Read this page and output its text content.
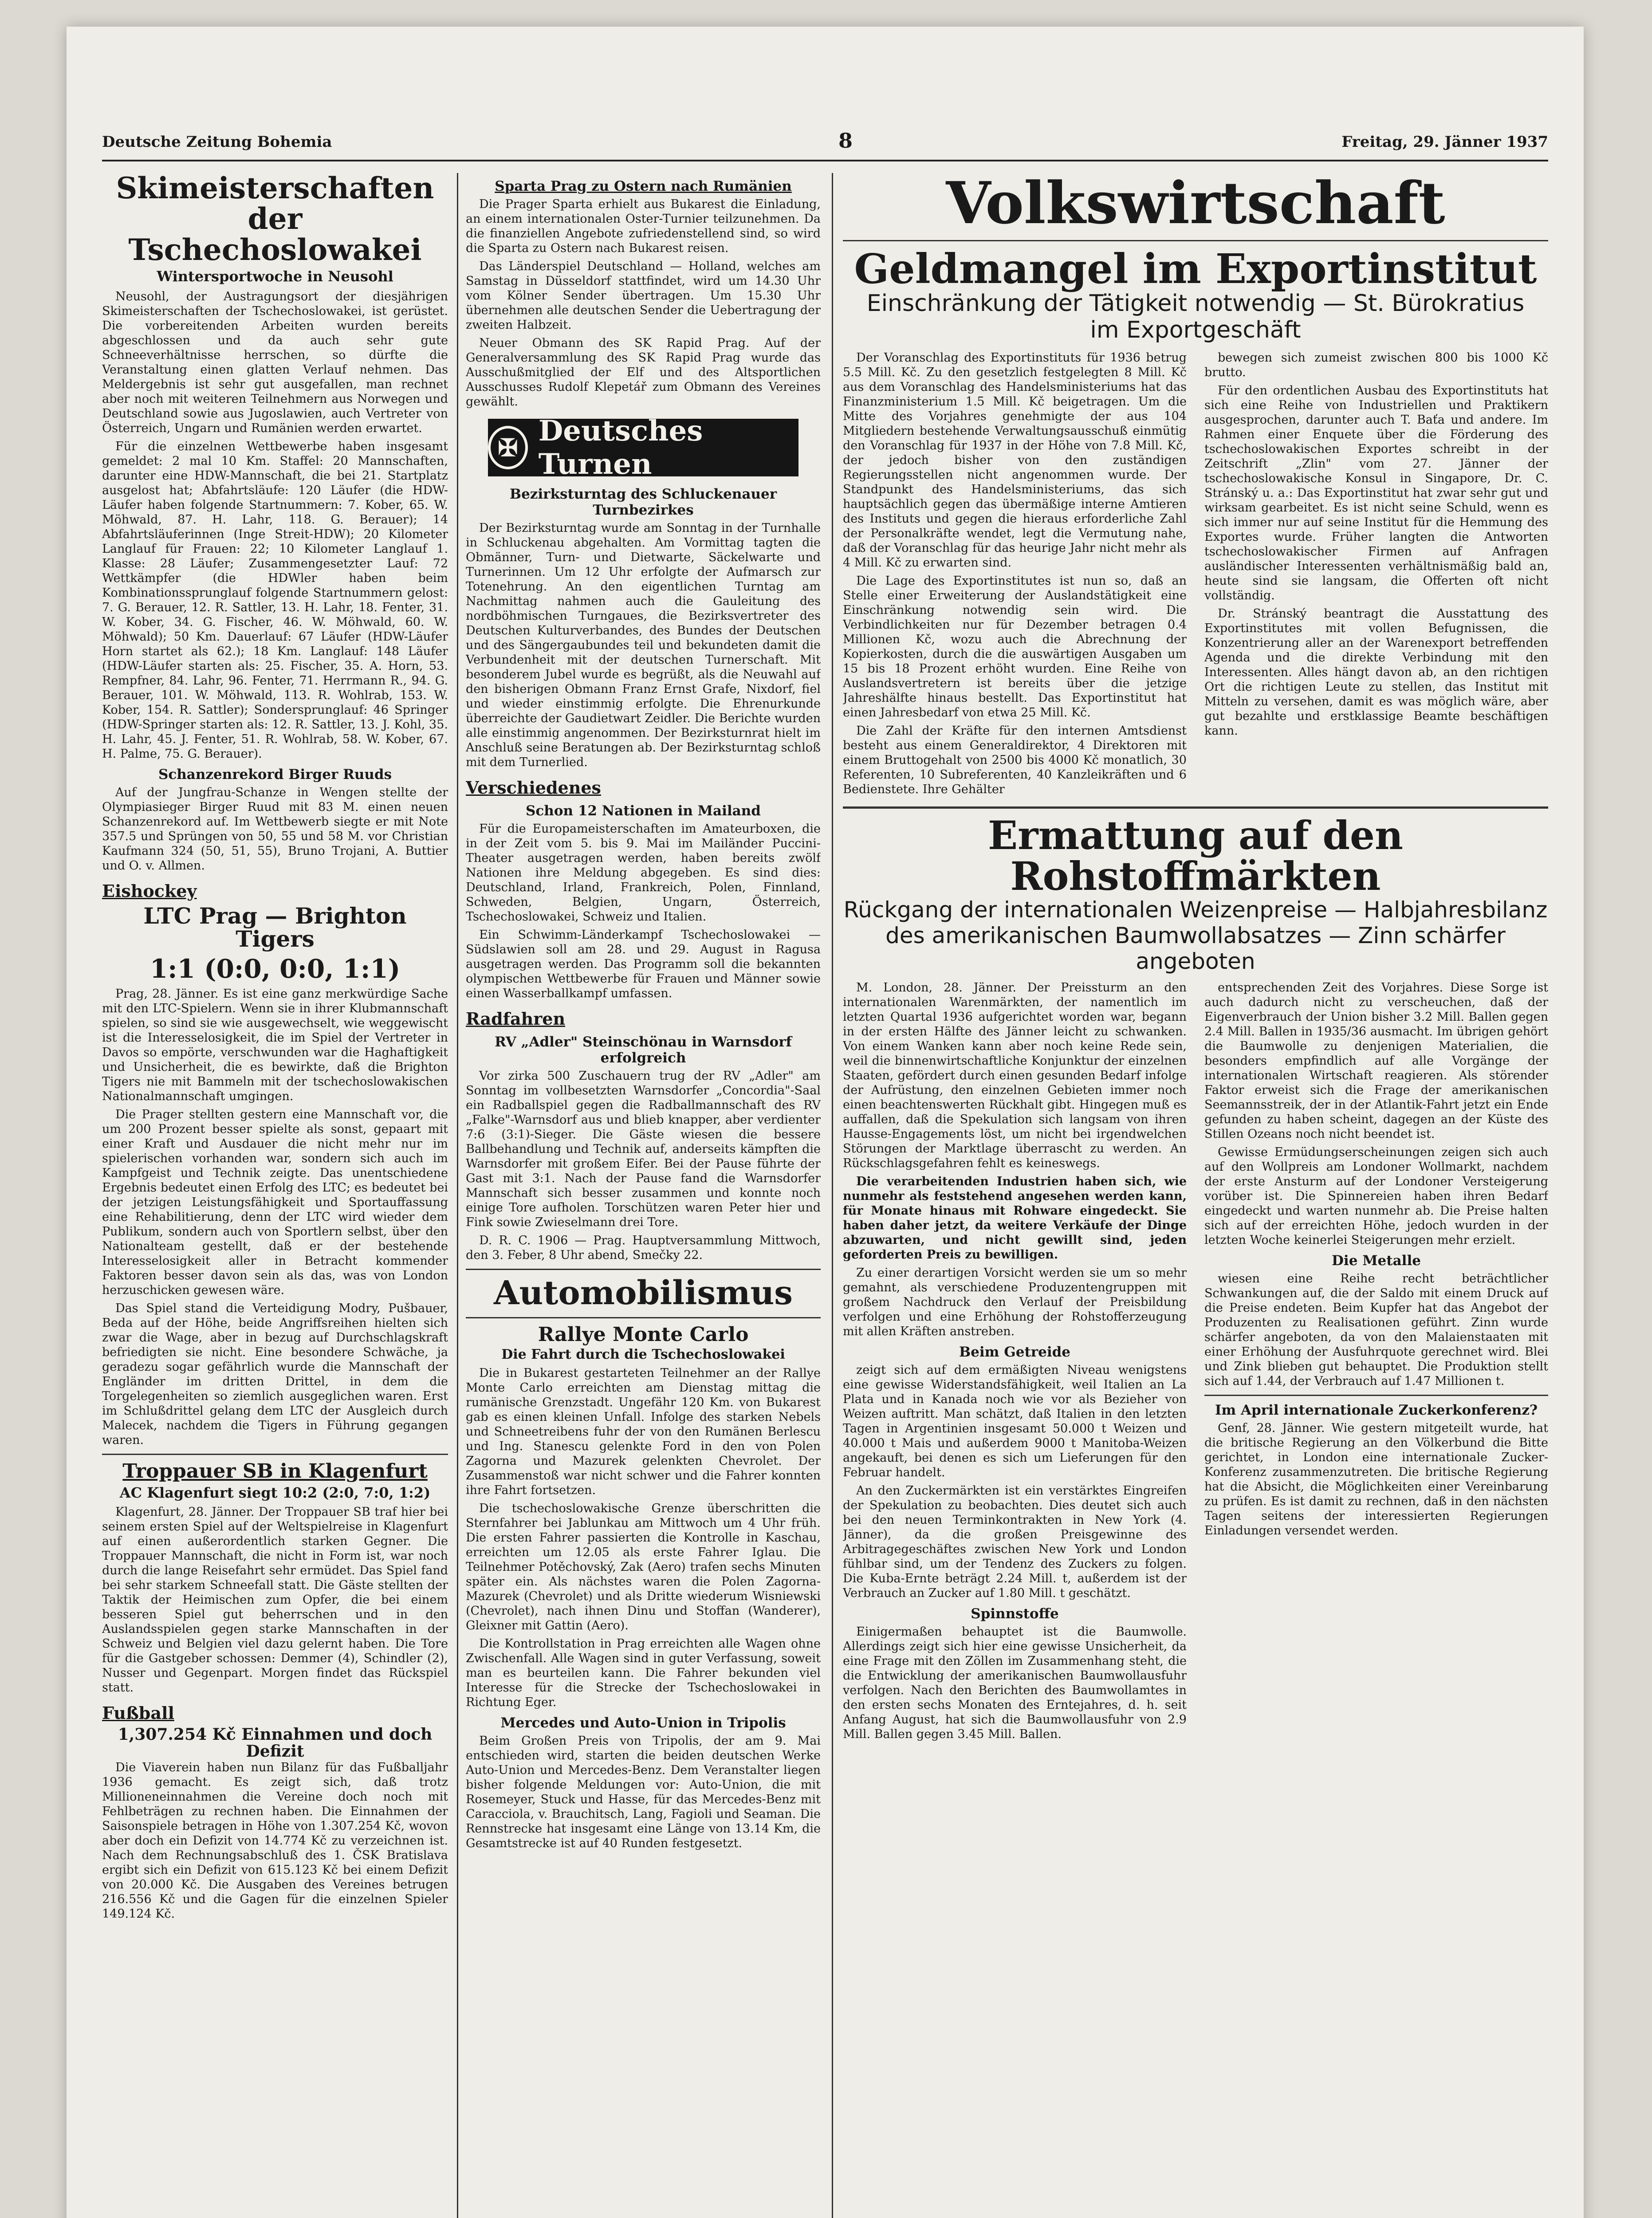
Deutsche Zeitung Bohemia	8	Freitag, 29. Jänner 1937
Skimeisterschaften
der Tschechoslowakei
Wintersportwoche in Neusohl

Neusohl, der Austragungsort der diesjährigen Skimeisterschaften der Tschechoslowakei, ist gerüstet. Die vorbereitenden Arbeiten wurden bereits abgeschlossen und da auch sehr gute Schneeverhältnisse herrschen, so dürfte die Veranstaltung einen glatten Verlauf nehmen. Das Meldergebnis ist sehr gut ausgefallen, man rechnet aber noch mit weiteren Teilnehmern aus Norwegen und Deutschland sowie aus Jugoslawien, auch Vertreter von Österreich, Ungarn und Rumänien werden erwartet.

Für die einzelnen Wettbewerbe haben insgesamt gemeldet: 2 mal 10 Km. Staffel: 20 Mannschaften, darunter eine HDW-Mannschaft, die bei 21. Startplatz ausgelost hat; Abfahrtsläufe: 120 Läufer (die HDW-Läufer haben folgende Startnummern: 7. Kober, 65. W. Möhwald, 87. H. Lahr, 118. G. Berauer); 14 Abfahrtsläuferinnen (Inge Streit-HDW); 20 Kilometer Langlauf für Frauen: 22; 10 Kilometer Langlauf 1. Klasse: 28 Läufer; Zusammengesetzter Lauf: 72 Wettkämpfer (die HDWler haben beim Kombinationssprunglauf folgende Startnummern gelost: 7. G. Berauer, 12. R. Sattler, 13. H. Lahr, 18. Fenter, 31. W. Kober, 34. G. Fischer, 46. W. Möhwald, 60. W. Möhwald); 50 Km. Dauerlauf: 67 Läufer (HDW-Läufer Horn startet als 62.); 18 Km. Langlauf: 148 Läufer (HDW-Läufer starten als: 25. Fischer, 35. A. Horn, 53. Rempfner, 84. Lahr, 96. Fenter, 71. Herrmann R., 94. G. Berauer, 101. W. Möhwald, 113. R. Wohlrab, 153. W. Kober, 154. R. Sattler); Sondersprunglauf: 46 Springer (HDW-Springer starten als: 12. R. Sattler, 13. J. Kohl, 35. H. Lahr, 45. J. Fenter, 51. R. Wohlrab, 58. W. Kober, 67. H. Palme, 75. G. Berauer).

Schanzenrekord Birger Ruuds

Auf der Jungfrau-Schanze in Wengen stellte der Olympiasieger Birger Ruud mit 83 M. einen neuen Schanzenrekord auf. Im Wettbewerb siegte er mit Note 357.5 und Sprüngen von 50, 55 und 58 M. vor Christian Kaufmann 324 (50, 51, 55), Bruno Trojani, A. Buttier und O. v. Allmen.

Eishockey
LTC Prag — Brighton Tigers
1:1 (0:0, 0:0, 1:1)

Prag, 28. Jänner. Es ist eine ganz merkwürdige Sache mit den LTC-Spielern. Wenn sie in ihrer Klubmannschaft spielen, so sind sie wie ausgewechselt, wie weggewischt ist die Interesselosigkeit, die im Spiel der Vertreter in Davos so empörte, verschwunden war die Haghaftigkeit und Unsicherheit, die es bewirkte, daß die Brighton Tigers nie mit Bammeln mit der tschechoslowakischen Nationalmannschaft umgingen.

Die Prager stellten gestern eine Mannschaft vor, die um 200 Prozent besser spielte als sonst, gepaart mit einer Kraft und Ausdauer die nicht mehr nur im spielerischen vorhanden war, sondern sich auch im Kampfgeist und Technik zeigte. Das unentschiedene Ergebnis bedeutet einen Erfolg des LTC; es bedeutet bei der jetzigen Leistungsfähigkeit und Sportauffassung eine Rehabilitierung, denn der LTC wird wieder dem Publikum, sondern auch von Sportlern selbst, über den Nationalteam gestellt, daß er der bestehende Interesselosigkeit aller in Betracht kommender Faktoren besser davon sein als das, was von London herzuschicken gewesen wäre.

Das Spiel stand die Verteidigung Modry, Pušbauer, Beda auf der Höhe, beide Angriffsreihen hielten sich zwar die Wage, aber in bezug auf Durchschlagskraft befriedigten sie nicht. Eine besondere Schwäche, ja geradezu sogar gefährlich wurde die Mannschaft der Engländer im dritten Drittel, in dem die Torgelegenheiten so ziemlich ausgeglichen waren. Erst im Schlußdrittel gelang dem LTC der Ausgleich durch Malecek, nachdem die Tigers in Führung gegangen waren.

Troppauer SB in Klagenfurt
AC Klagenfurt siegt 10:2 (2:0, 7:0, 1:2)

Klagenfurt, 28. Jänner. Der Troppauer SB traf hier bei seinem ersten Spiel auf der Weltspielreise in Klagenfurt auf einen außerordentlich starken Gegner. Die Troppauer Mannschaft, die nicht in Form ist, war noch durch die lange Reisefahrt sehr ermüdet. Das Spiel fand bei sehr starkem Schneefall statt. Die Gäste stellten der Taktik der Heimischen zum Opfer, die bei einem besseren Spiel gut beherrschen und in den Auslandsspielen gegen starke Mannschaften in der Schweiz und Belgien viel dazu gelernt haben. Die Tore für die Gastgeber schossen: Demmer (4), Schindler (2), Nusser und Gegenpart. Morgen findet das Rückspiel statt.

Fußball
1,307.254 Kč Einnahmen und doch Defizit

Die Viaverein haben nun Bilanz für das Fußballjahr 1936 gemacht. Es zeigt sich, daß trotz Millioneneinnahmen die Vereine doch noch mit Fehlbeträgen zu rechnen haben. Die Einnahmen der Saisonspiele betragen in Höhe von 1.307.254 Kč, wovon aber doch ein Defizit von 14.774 Kč zu verzeichnen ist. Nach dem Rechnungsabschluß des 1. ČSK Bratislava ergibt sich ein Defizit von 615.123 Kč bei einem Defizit von 20.000 Kč. Die Ausgaben des Vereines betrugen 216.556 Kč und die Gagen für die einzelnen Spieler 149.124 Kč.

Sparta Prag zu Ostern nach Rumänien

Die Prager Sparta erhielt aus Bukarest die Einladung, an einem internationalen Oster-Turnier teilzunehmen. Da die finanziellen Angebote zufriedenstellend sind, so wird die Sparta zu Ostern nach Bukarest reisen.

Das Länderspiel Deutschland — Holland, welches am Samstag in Düsseldorf stattfindet, wird um 14.30 Uhr vom Kölner Sender übertragen. Um 15.30 Uhr übernehmen alle deutschen Sender die Uebertragung der zweiten Halbzeit.

Neuer Obmann des SK Rapid Prag. Auf der Generalversammlung des SK Rapid Prag wurde das Ausschußmitglied der Elf und des Altsportlichen Ausschusses Rudolf Klepetář zum Obmann des Vereines gewählt.

✠ Deutsches Turnen
Bezirksturntag des Schluckenauer Turnbezirkes

Der Bezirksturntag wurde am Sonntag in der Turnhalle in Schluckenau abgehalten. Am Vormittag tagten die Obmänner, Turn- und Dietwarte, Säckelwarte und Turnerinnen. Um 12 Uhr erfolgte der Aufmarsch zur Totenehrung. An den eigentlichen Turntag am Nachmittag nahmen auch die Gauleitung des nordböhmischen Turngaues, die Bezirksvertreter des Deutschen Kulturverbandes, des Bundes der Deutschen und des Sängergaubundes teil und bekundeten damit die Verbundenheit mit der deutschen Turnerschaft. Mit besonderem Jubel wurde es begrüßt, als die Neuwahl auf den bisherigen Obmann Franz Ernst Grafe, Nixdorf, fiel und wieder einstimmig erfolgte. Die Ehrenurkunde überreichte der Gaudietwart Zeidler. Die Berichte wurden alle einstimmig angenommen. Der Bezirksturnrat hielt im Anschluß seine Beratungen ab. Der Bezirksturntag schloß mit dem Turnerlied.

Verschiedenes
Schon 12 Nationen in Mailand

Für die Europameisterschaften im Amateurboxen, die in der Zeit vom 5. bis 9. Mai im Mailänder Puccini-Theater ausgetragen werden, haben bereits zwölf Nationen ihre Meldung abgegeben. Es sind dies: Deutschland, Irland, Frankreich, Polen, Finnland, Schweden, Belgien, Ungarn, Österreich, Tschechoslowakei, Schweiz und Italien.

Ein Schwimm-Länderkampf Tschechoslowakei — Südslawien soll am 28. und 29. August in Ragusa ausgetragen werden. Das Programm soll die bekannten olympischen Wettbewerbe für Frauen und Männer sowie einen Wasserballkampf umfassen.

Radfahren
RV „Adler" Steinschönau in Warnsdorf erfolgreich

Vor zirka 500 Zuschauern trug der RV „Adler" am Sonntag im vollbesetzten Warnsdorfer „Concordia"-Saal ein Radballspiel gegen die Radballmannschaft des RV „Falke"-Warnsdorf aus und blieb knapper, aber verdienter 7:6 (3:1)-Sieger. Die Gäste wiesen die bessere Ballbehandlung und Technik auf, anderseits kämpften die Warnsdorfer mit großem Eifer. Bei der Pause führte der Gast mit 3:1. Nach der Pause fand die Warnsdorfer Mannschaft sich besser zusammen und konnte noch einige Tore aufholen. Torschützen waren Peter hier und Fink sowie Zwieselmann drei Tore.

D. R. C. 1906 — Prag. Hauptversammlung Mittwoch, den 3. Feber, 8 Uhr abend, Smečky 22.

Automobilismus
Rallye Monte Carlo
Die Fahrt durch die Tschechoslowakei

Die in Bukarest gestarteten Teilnehmer an der Rallye Monte Carlo erreichten am Dienstag mittag die rumänische Grenzstadt. Ungefähr 120 Km. von Bukarest gab es einen kleinen Unfall. Infolge des starken Nebels und Schneetreibens fuhr der von den Rumänen Berlescu und Ing. Stanescu gelenkte Ford in den von Polen Zagorna und Mazurek gelenkten Chevrolet. Der Zusammenstoß war nicht schwer und die Fahrer konnten ihre Fahrt fortsetzen.

Die tschechoslowakische Grenze überschritten die Sternfahrer bei Jablunkau am Mittwoch um 4 Uhr früh. Die ersten Fahrer passierten die Kontrolle in Kaschau, erreichten um 12.05 als erste Fahrer Iglau. Die Teilnehmer Potěchovský, Zak (Aero) trafen sechs Minuten später ein. Als nächstes waren die Polen Zagorna-Mazurek (Chevrolet) und als Dritte wiederum Wisniewski (Chevrolet), nach ihnen Dinu und Stoffan (Wanderer), Gleixner mit Gattin (Aero).

Die Kontrollstation in Prag erreichten alle Wagen ohne Zwischenfall. Alle Wagen sind in guter Verfassung, soweit man es beurteilen kann. Die Fahrer bekunden viel Interesse für die Strecke der Tschechoslowakei in Richtung Eger.

Mercedes und Auto-Union in Tripolis

Beim Großen Preis von Tripolis, der am 9. Mai entschieden wird, starten die beiden deutschen Werke Auto-Union und Mercedes-Benz. Dem Veranstalter liegen bisher folgende Meldungen vor: Auto-Union, die mit Rosemeyer, Stuck und Hasse, für das Mercedes-Benz mit Caracciola, v. Brauchitsch, Lang, Fagioli und Seaman. Die Rennstrecke hat insgesamt eine Länge von 13.14 Km, die Gesamtstrecke ist auf 40 Runden festgesetzt.

Volkswirtschaft
Geldmangel im Exportinstitut
Einschränkung der Tätigkeit notwendig — St. Bürokratius
im Exportgeschäft

Der Voranschlag des Exportinstituts für 1936 betrug 5.5 Mill. Kč. Zu den gesetzlich festgelegten 8 Mill. Kč aus dem Voranschlag des Handelsministeriums hat das Finanzministerium 1.5 Mill. Kč beigetragen. Um die Mitte des Vorjahres genehmigte der aus 104 Mitgliedern bestehende Verwaltungsausschuß einmütig den Voranschlag für 1937 in der Höhe von 7.8 Mill. Kč, der jedoch bisher von den zuständigen Regierungsstellen nicht angenommen wurde. Der Standpunkt des Handelsministeriums, das sich hauptsächlich gegen das übermäßige interne Amtieren des Instituts und gegen die hieraus erforderliche Zahl der Personalkräfte wendet, legt die Vermutung nahe, daß der Voranschlag für das heurige Jahr nicht mehr als 4 Mill. Kč zu erwarten sind.

Die Lage des Exportinstitutes ist nun so, daß an Stelle einer Erweiterung der Auslandstätigkeit eine Einschränkung notwendig sein wird. Die Verbindlichkeiten nur für Dezember betragen 0.4 Millionen Kč, wozu auch die Abrechnung der Kopierkosten, durch die die auswärtigen Ausgaben um 15 bis 18 Prozent erhöht wurden. Eine Reihe von Auslandsvertretern ist bereits über die jetzige Jahreshälfte hinaus bestellt. Das Exportinstitut hat einen Jahresbedarf von etwa 25 Mill. Kč.

Die Zahl der Kräfte für den internen Amtsdienst besteht aus einem Generaldirektor, 4 Direktoren mit einem Bruttogehalt von 2500 bis 4000 Kč monatlich, 30 Referenten, 10 Subreferenten, 40 Kanzleikräften und 6 Bedienstete. Ihre Gehälter

bewegen sich zumeist zwischen 800 bis 1000 Kč brutto.

Für den ordentlichen Ausbau des Exportinstituts hat sich eine Reihe von Industriellen und Praktikern ausgesprochen, darunter auch T. Baťa und andere. Im Rahmen einer Enquete über die Förderung des tschechoslowakischen Exportes schreibt in der Zeitschrift „Zlin" vom 27. Jänner der tschechoslowakische Konsul in Singapore, Dr. C. Stránský u. a.: Das Exportinstitut hat zwar sehr gut und wirksam gearbeitet. Es ist nicht seine Schuld, wenn es sich immer nur auf seine Institut für die Hemmung des Exportes wurde. Früher langten die Antworten tschechoslowakischer Firmen auf Anfragen ausländischer Interessenten verhältnismäßig bald an, heute sind sie langsam, die Offerten oft nicht vollständig.

Dr. Stránský beantragt die Ausstattung des Exportinstitutes mit vollen Befugnissen, die Konzentrierung aller an der Warenexport betreffenden Agenda und die direkte Verbindung mit den Interessenten. Alles hängt davon ab, an den richtigen Ort die richtigen Leute zu stellen, das Institut mit Mitteln zu versehen, damit es was möglich wäre, aber gut bezahlte und erstklassige Beamte beschäftigen kann.

Ermattung auf den Rohstoffmärkten
Rückgang der internationalen Weizenpreise — Halbjahresbilanz
des amerikanischen Baumwollabsatzes — Zinn schärfer angeboten

M. London, 28. Jänner. Der Preissturm an den internationalen Warenmärkten, der namentlich im letzten Quartal 1936 aufgerichtet worden war, begann in der ersten Hälfte des Jänner leicht zu schwanken. Von einem Wanken kann aber noch keine Rede sein, weil die binnenwirtschaftliche Konjunktur der einzelnen Staaten, gefördert durch einen gesunden Bedarf infolge der Aufrüstung, den einzelnen Gebieten immer noch einen beachtenswerten Rückhalt gibt. Hingegen muß es auffallen, daß die Spekulation sich langsam von ihren Hausse-Engagements löst, um nicht bei irgendwelchen Störungen der Marktlage überrascht zu werden. An Rückschlagsgefahren fehlt es keineswegs.

Die verarbeitenden Industrien haben sich, wie nunmehr als feststehend angesehen werden kann, für Monate hinaus mit Rohware eingedeckt. Sie haben daher jetzt, da weitere Verkäufe der Dinge abzuwarten, und nicht gewillt sind, jeden geforderten Preis zu bewilligen.

Zu einer derartigen Vorsicht werden sie um so mehr gemahnt, als verschiedene Produzentengruppen mit großem Nachdruck den Verlauf der Preisbildung verfolgen und eine Erhöhung der Rohstofferzeugung mit allen Kräften anstreben.

Beim Getreide

zeigt sich auf dem ermäßigten Niveau wenigstens eine gewisse Widerstandsfähigkeit, weil Italien an La Plata und in Kanada noch wie vor als Bezieher von Weizen auftritt. Man schätzt, daß Italien in den letzten Tagen in Argentinien insgesamt 50.000 t Weizen und 40.000 t Mais und außerdem 9000 t Manitoba-Weizen angekauft, bei denen es sich um Lieferungen für den Februar handelt.

An den Zuckermärkten ist ein verstärktes Eingreifen der Spekulation zu beobachten. Dies deutet sich auch bei den neuen Terminkontrakten in New York (4. Jänner), da die großen Preisgewinne des Arbitragegeschäftes zwischen New York und London fühlbar sind, um der Tendenz des Zuckers zu folgen. Die Kuba-Ernte beträgt 2.24 Mill. t, außerdem ist der Verbrauch an Zucker auf 1.80 Mill. t geschätzt.

Spinnstoffe

Einigermaßen behauptet ist die Baumwolle. Allerdings zeigt sich hier eine gewisse Unsicherheit, da eine Frage mit den Zöllen im Zusammenhang steht, die die Entwicklung der amerikanischen Baumwollausfuhr verfolgen. Nach den Berichten des Baumwollamtes in den ersten sechs Monaten des Erntejahres, d. h. seit Anfang August, hat sich die Baumwollausfuhr von 2.9 Mill. Ballen gegen 3.45 Mill. Ballen.

entsprechenden Zeit des Vorjahres. Diese Sorge ist auch dadurch nicht zu verscheuchen, daß der Eigenverbrauch der Union bisher 3.2 Mill. Ballen gegen 2.4 Mill. Ballen in 1935/36 ausmacht. Im übrigen gehört die Baumwolle zu denjenigen Materialien, die besonders empfindlich auf alle Vorgänge der internationalen Wirtschaft reagieren. Als störender Faktor erweist sich die Frage der amerikanischen Seemannsstreik, der in der Atlantik-Fahrt jetzt ein Ende gefunden zu haben scheint, dagegen an der Küste des Stillen Ozeans noch nicht beendet ist.

Gewisse Ermüdungserscheinungen zeigen sich auch auf den Wollpreis am Londoner Wollmarkt, nachdem der erste Ansturm auf der Londoner Versteigerung vorüber ist. Die Spinnereien haben ihren Bedarf eingedeckt und warten nunmehr ab. Die Preise halten sich auf der erreichten Höhe, jedoch wurden in der letzten Woche keinerlei Steigerungen mehr erzielt.

Die Metalle

wiesen eine Reihe recht beträchtlicher Schwankungen auf, die der Saldo mit einem Druck auf die Preise endeten. Beim Kupfer hat das Angebot der Produzenten zu Realisationen geführt. Zinn wurde schärfer angeboten, da von den Malaienstaaten mit einer Erhöhung der Ausfuhrquote gerechnet wird. Blei und Zink blieben gut behauptet. Die Produktion stellt sich auf 1.44, der Verbrauch auf 1.47 Millionen t.

Im April internationale Zuckerkonferenz?

Genf, 28. Jänner. Wie gestern mitgeteilt wurde, hat die britische Regierung an den Völkerbund die Bitte gerichtet, in London eine internationale Zucker-Konferenz zusammenzutreten. Die britische Regierung hat die Absicht, die Möglichkeiten einer Vereinbarung zu prüfen. Es ist damit zu rechnen, daß in den nächsten Tagen seitens der interessierten Regierungen Einladungen versendet werden.
